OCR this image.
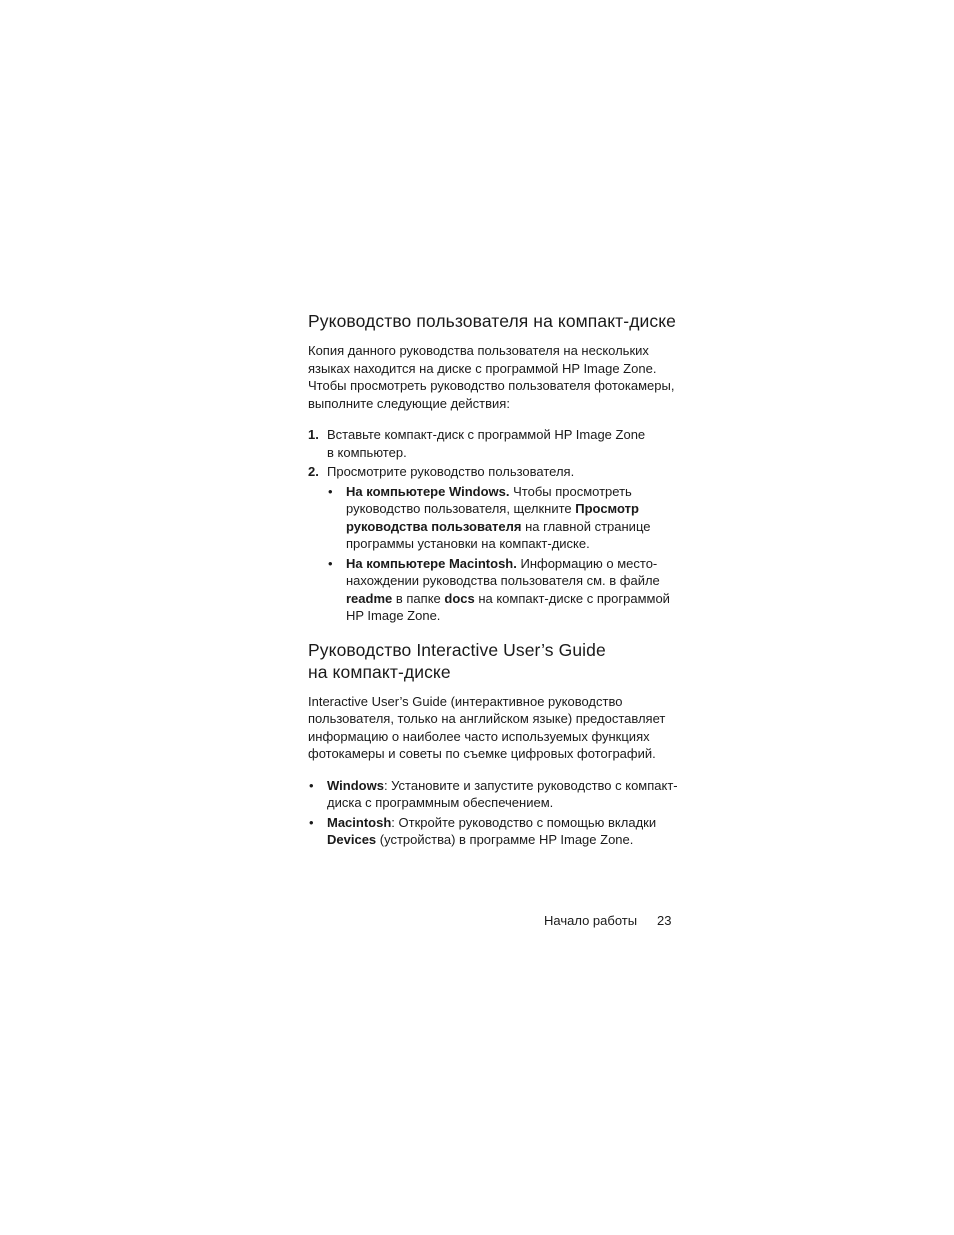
Руководство пользователя на компакт-диске

Копия данного руководства пользователя на нескольких
языках находится на диске с программой HP Image Zone.
Чтобы просмотреть руководство пользователя фотокамеры,
выполните следующие действия:

1. Вставьте компакт-диск с программой HP Image Zone
в компьютер.
2. Просмотрите руководство пользователя.
• На компьютере Windows. Чтобы просмотреть
руководство пользователя, щелкните Просмотр
руководства пользователя на главной странице
программы установки на компакт-диске.
• На компьютере Macintosh. Информацию о место-
нахождении руководства пользователя см. в файле
readme в папке docs на компакт-диске с программой
HP Image Zone.
Руководство Interactive User’s Guide
на компакт-диске

Interactive User’s Guide (интерактивное руководство
пользователя, только на английском языке) предоставляет
информацию о наиболее часто используемых функциях
фотокамеры и советы по съемке цифровых фотографий.

• Windows: Установите и запустите руководство с компакт-
диска с программным обеспечением.
• Macintosh: Откройте руководство с помощью вкладки
Devices (устройства) в программе HP Image Zone.
Начало работы 23
